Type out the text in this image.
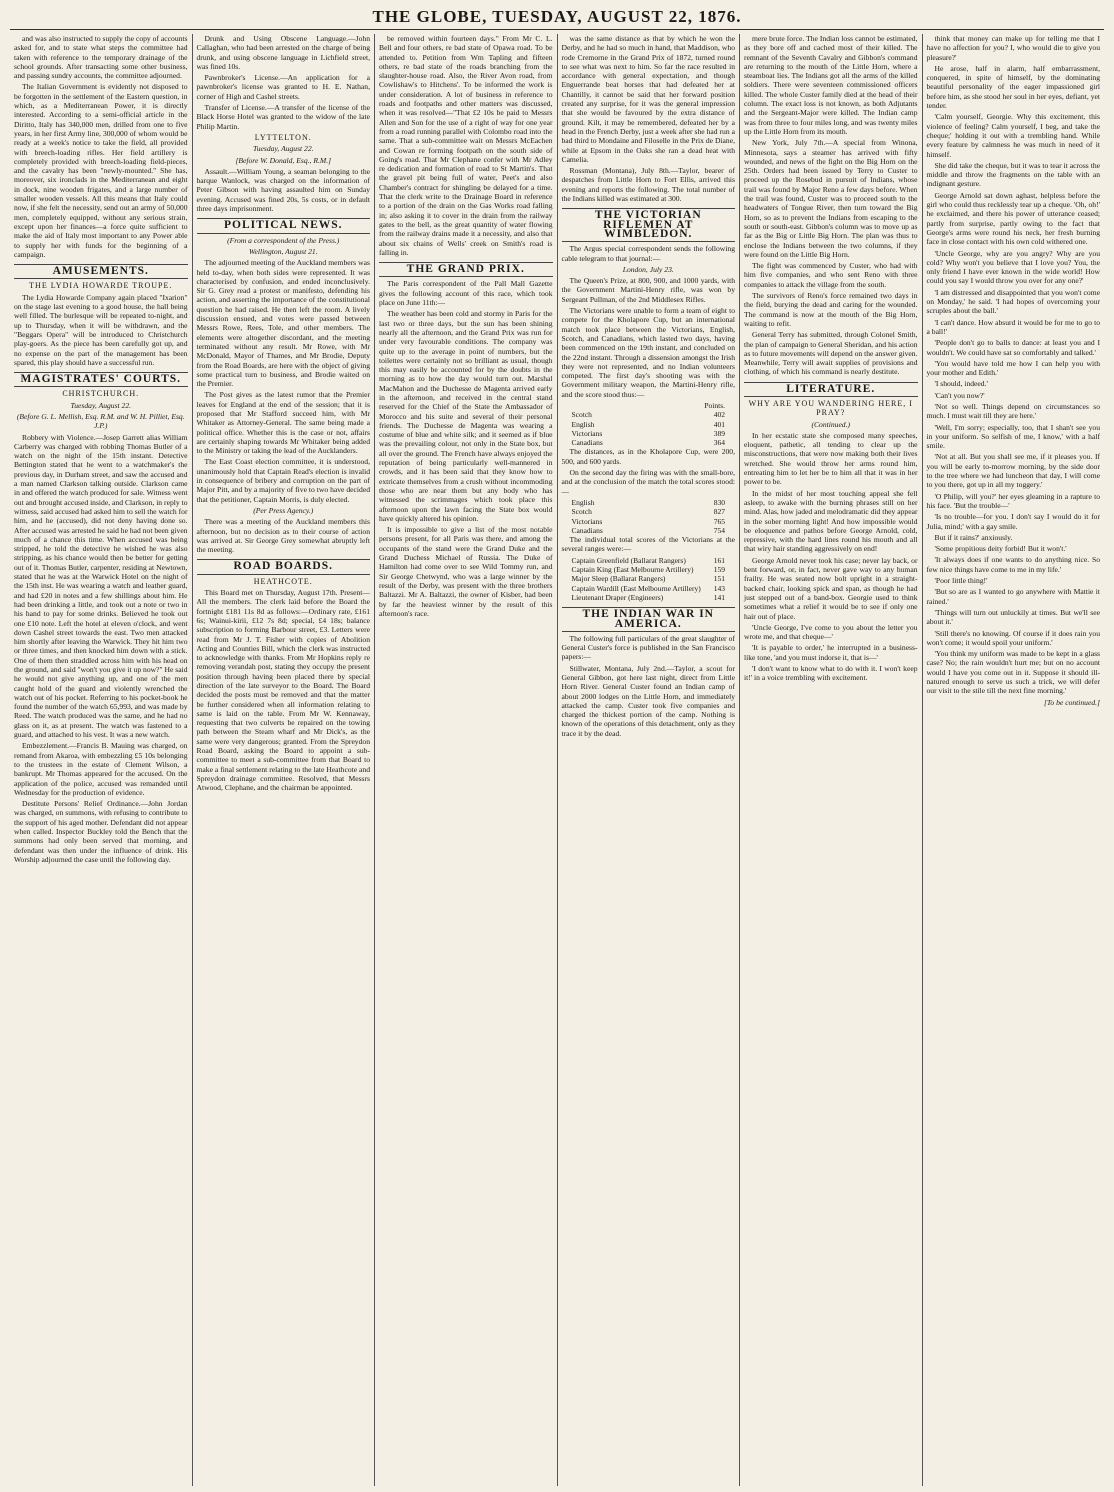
THE GLOBE, TUESDAY, AUGUST 22, 1876.

and was also instructed to supply the copy of accounts asked for, and to state what steps the committee had taken with reference to the temporary drainage of the school grounds. After transacting some other business, and passing sundry accounts, the committee adjourned.

The Italian Government is evidently not disposed to be forgotten in the settlement of the Eastern question, in which, as a Mediterranean Power, it is directly interested. According to a semi-official article in the Diritto, Italy has 340,000 men, drilled from one to five years, in her first Army line, 300,000 of whom would be ready at a week's notice to take the field, all provided with breech-loading rifles. Her field artillery is completely provided with breech-loading field-pieces, and the cavalry has been "newly-mounted." She has, moreover, six ironclads in the Mediterranean and eight in dock, nine wooden frigates, and a large number of smaller wooden vessels. All this means that Italy could now, if she felt the necessity, send out an army of 50,000 men, completely equipped, without any serious strain, except upon her finances—a force quite sufficient to make the aid of Italy most important to any Power able to supply her with funds for the beginning of a campaign.

AMUSEMENTS.
THE LYDIA HOWARDE TROUPE.

The Lydia Howarde Company again placed "Ixarion" on the stage last evening to a good house, the hall being well filled. The burlesque will be repeated to-night, and up to Thursday, when it will be withdrawn, and the "Beggars Opera" will be introduced to Christchurch play-goers. As the piece has been carefully got up, and no expense on the part of the management has been spared, this play should have a successful run.

MAGISTRATES' COURTS.
CHRISTCHURCH.
Tuesday, August 22.
(Before G. L. Mellish, Esq. R.M. and W. H. Pilliet, Esq. J.P.)

Robbery with Violence.—Josep Garrett alias William Carberry was charged with robbing Thomas Butler of a watch on the night of the 15th instant. Detective Bettington stated that he went to a watchmaker's the previous day, in Durham street, and saw the accused and a man named Clarkson talking outside. Clarkson came in and offered the watch produced for sale. Witness went out and brought accused inside, and Clarkson, in reply to witness, said accused had asked him to sell the watch for him, and he (accused), did not deny having done so. After accused was arrested he said he had not been given much of a chance this time. When accused was being stripped, he told the detective he wished he was also stripping, as his chance would then be better for getting out of it. Thomas Butler, carpenter, residing at Newtown, stated that he was at the Warwick Hotel on the night of the 15th inst. He was wearing a watch and leather guard, and had £20 in notes and a few shillings about him. He had been drinking a little, and took out a note or two in his hand to pay for some drinks. Believed he took out one £10 note. Left the hotel at eleven o'clock, and went down Cashel street towards the east. Two men attacked him shortly after leaving the Warwick. They hit him two or three times, and then knocked him down with a stick. One of them then straddled across him with his head on the ground, and said "won't you give it up now?" He said he would not give anything up, and one of the men caught hold of the guard and violently wrenched the watch out of his pocket. Referring to his pocket-book he found the number of the watch 65,993, and was made by Reed. The watch produced was the same, and he had no glass on it, as at present. The watch was fastened to a guard, and attached to his vest. It was a new watch.

Embezzlement.—Francis B. Mauing was charged, on remand from Akaroa, with embezzling £5 10s belonging to the trustees in the estate of Clement Wilson, a bankrupt. Mr Thomas appeared for the accused. On the application of the police, accused was remanded until Wednesday for the production of evidence.

Destitute Persons' Relief Ordinance.—John Jordan was charged, on summons, with refusing to contribute to the support of his aged mother. Defendant did not appear when called. Inspector Buckley told the Bench that the summons had only been served that morning, and defendant was then under the influence of drink. His Worship adjourned the case until the following day.

Drunk and Using Obscene Language.—John Callaghan, who had been arrested on the charge of being drunk, and using obscene language in Lichfield street, was fined 10s.

Pawnbroker's License.—An application for a pawnbroker's license was granted to H. E. Nathan, corner of High and Cashel streets.

Transfer of License.—A transfer of the license of the Black Horse Hotel was granted to the widow of the late Philip Martin.

LYTTELTON.
Tuesday, August 22.
[Before W. Donald, Esq., R.M.]

Assault.—William Young, a seaman belonging to the barque Wanlock, was charged on the information of Peter Gibson with having assaulted him on Sunday evening. Accused was fined 20s, 5s costs, or in default three days imprisonment.

POLITICAL NEWS.
(From a correspondent of the Press.)
Wellington, August 21.

The adjourned meeting of the Auckland members was held to-day, when both sides were represented. It was characterised by confusion, and ended inconclusively. Sir G. Grey read a protest or manifesto, defending his action, and asserting the importance of the constitutional question he had raised. He then left the room. A lively discussion ensued, and votes were passed between Messrs Rowe, Rees, Tole, and other members. The elements were altogether discordant, and the meeting terminated without any result. Mr Rowe, with Mr McDonald, Mayor of Thames, and Mr Brodie, Deputy from the Road Boards, are here with the object of giving some practical turn to business, and Brodie waited on the Premier.

The Post gives as the latest rumor that the Premier leaves for England at the end of the session; that it is proposed that Mr Stafford succeed him, with Mr Whitaker as Attorney-General. The same being made a political office. Whether this is the case or not, affairs are certainly shaping towards Mr Whitaker being added to the Ministry or taking the lead of the Aucklanders.

The East Coast election committee, it is understood, unanimously hold that Captain Read's election is invalid in consequence of bribery and corruption on the part of Major Pitt, and by a majority of five to two have decided that the petitioner, Captain Morris, is duly elected.

(Per Press Agency.)

There was a meeting of the Auckland members this afternoon, but no decision as to their course of action was arrived at. Sir George Grey somewhat abruptly left the meeting.

ROAD BOARDS.
HEATHCOTE.

This Board met on Thursday, August 17th. Present—All the members. The clerk laid before the Board the fortnight £181 11s 8d as follows:—Ordinary rate, £161 6s; Wainui-kirii, £12 7s 8d; special, £4 18s; balance subscription to forming Barbour street, £3. Letters were read from Mr J. T. Fisher with copies of Abolition Acting and Counties Bill, which the clerk was instructed to acknowledge with thanks. From Mr Hopkins reply re removing verandah post, stating they occupy the present position through having been placed there by special direction of the late surveyor to the Board. The Board decided the posts must be removed and that the matter be further considered when all information relating to same is laid on the table. From Mr W. Kennaway, requesting that two culverts be repaired on the towing path between the Steam wharf and Mr Dick's, as the same were very dangerous; granted. From the Spreydon Road Board, asking the Board to appoint a sub-committee to meet a sub-committee from that Board to make a final settlement relating to the late Heathcote and Spreydon drainage committee. Resolved, that Messrs Atwood, Clephane, and the chairman be appointed.

be removed within fourteen days." From Mr C. L. Bell and four others, re bad state of Opawa road. To be attended to. Petition from Wm Tapling and fifteen others, re bad state of the roads branching from the slaughter-house road. Also, the River Avon road, from Cowlishaw's to Hitchens'. To be informed the work is under consideration. A lot of business in reference to roads and footpaths and other matters was discussed, when it was resolved—"That £2 10s be paid to Messrs Allen and Son for the use of a right of way for one year from a road running parallel with Colombo road into the same. That a sub-committee wait on Messrs McEachen and Cowan re forming footpath on the south side of Going's road. That Mr Clephane confer with Mr Adley re dedication and formation of road to St Martin's. That the gravel pit being full of water, Peet's and also Chamber's contract for shingling be delayed for a time. That the clerk write to the Drainage Board in reference to a portion of the drain on the Gas Works road falling in; also asking it to cover in the drain from the railway gates to the bell, as the great quantity of water flowing from the railway drains made it a necessity, and also that about six chains of Wells' creek on Smith's road is falling in.

THE GRAND PRIX.

The Paris correspondent of the Pall Mall Gazette gives the following account of this race, which took place on June 11th:—

The weather has been cold and stormy in Paris for the last two or three days, but the sun has been shining nearly all the afternoon, and the Grand Prix was run for under very favourable conditions. The company was quite up to the average in point of numbers, but the toilettes were certainly not so brilliant as usual, though this may easily be accounted for by the doubts in the morning as to how the day would turn out. Marshal MacMahon and the Duchesse de Magenta arrived early in the afternoon, and received in the central stand reserved for the Chief of the State the Ambassador of Morocco and his suite and several of their personal friends. The Duchesse de Magenta was wearing a costume of blue and white silk; and it seemed as if blue was the prevailing colour, not only in the State box, but all over the ground. The French have always enjoyed the reputation of being particularly well-mannered in crowds, and it has been said that they know how to extricate themselves from a crush without incommoding those who are near them but any body who has witnessed the scrimmages which took place this afternoon upon the lawn facing the State box would have quickly altered his opinion.

It is impossible to give a list of the most notable persons present, for all Paris was there, and among the occupants of the stand were the Grand Duke and the Grand Duchess Michael of Russia. The Duke of Hamilton had come over to see Wild Tommy run, and Sir George Chetwynd, who was a large winner by the result of the Derby, was present with the three brothers Baltazzi. Mr A. Baltazzi, the owner of Kisber, had been by far the heaviest winner by the result of this afternoon's race.

was the same distance as that by which he won the Derby, and he had so much in hand, that Maddison, who rode Cremorne in the Grand Prix of 1872, turned round to see what was next to him. So far the race resulted in accordance with general expectation, and though Enguerrande beat horses that had defeated her at Chantilly, it cannot be said that her forward position created any surprise, for it was the general impression that she would be favoured by the extra distance of ground. Kilt, it may be remembered, defeated her by a head in the French Derby, just a week after she had run a bad third to Mondaine and Filoselle in the Prix de Diane, while at Epsom in the Oaks she ran a dead heat with Camelia.

Rossman (Montana), July 8th.—Taylor, bearer of despatches from Little Horn to Fort Ellis, arrived this evening and reports the following. The total number of the Indians killed was estimated at 300.

THE VICTORIAN RIFLEMEN AT WIMBLEDON.

The Argus special correspondent sends the following cable telegram to that journal:—

London, July 23.

The Queen's Prize, at 800, 900, and 1000 yards, with the Government Martini-Henry rifle, was won by Sergeant Pullman, of the 2nd Middlesex Rifles.

The Victorians were unable to form a team of eight to compete for the Kholapore Cup, but an international match took place between the Victorians, English, Scotch, and Canadians, which lasted two days, having been commenced on the 19th instant, and concluded on the 22nd instant. Through a dissension amongst the Irish they were not represented, and no Indian volunteers competed. The first day's shooting was with the Government military weapon, the Martini-Henry rifle, and the score stood thus:—

Points.
Scotch	402
English	401
Victorians	389
Canadians	364

The distances, as in the Kholapore Cup, were 200, 500, and 600 yards.

On the second day the firing was with the small-bore, and at the conclusion of the match the total scores stood:—

English	830
Scotch	827
Victorians	765
Canadians	754

The individual total scores of the Victorians at the several ranges were:—

Captain Greenfield (Ballarat Rangers)	161
Captain King (East Melbourne Artillery)	159
Major Sleep (Ballarat Rangers)	151
Captain Wardill (East Melbourne Artillery) 143
Lieutenant Draper (Engineers)	141
THE INDIAN WAR IN AMERICA.

The following full particulars of the great slaughter of General Custer's force is published in the San Francisco papers:—

Stillwater, Montana, July 2nd.—Taylor, a scout for General Gibbon, got here last night, direct from Little Horn River. General Custer found an Indian camp of about 2000 lodges on the Little Horn, and immediately attacked the camp. Custer took five companies and charged the thickest portion of the camp. Nothing is known of the operations of this detachment, only as they trace it by the dead.

mere brute force. The Indian loss cannot be estimated, as they bore off and cached most of their killed. The remnant of the Seventh Cavalry and Gibbon's command are returning to the mouth of the Little Horn, where a steamboat lies. The Indians got all the arms of the killed soldiers. There were seventeen commissioned officers killed. The whole Custer family died at the head of their column. The exact loss is not known, as both Adjutants and the Sergeant-Major were killed. The Indian camp was from three to four miles long, and was twenty miles up the Little Horn from its mouth.

New York, July 7th.—A special from Winona, Minnesota, says a steamer has arrived with fifty wounded, and news of the fight on the Big Horn on the 25th. Orders had been issued by Terry to Custer to proceed up the Rosebud in pursuit of Indians, whose trail was found by Major Reno a few days before. When the trail was found, Custer was to proceed south to the headwaters of Tongue River, then turn toward the Big Horn, so as to prevent the Indians from escaping to the south or south-east. Gibbon's column was to move up as far as the Big or Little Big Horn. The plan was thus to enclose the Indians between the two columns, if they were found on the Little Big Horn.

The fight was commenced by Custer, who had with him five companies, and who sent Reno with three companies to attack the village from the south.

The survivors of Reno's force remained two days in the field, burying the dead and caring for the wounded. The command is now at the mouth of the Big Horn, waiting to refit.

General Terry has submitted, through Colonel Smith, the plan of campaign to General Sheridan, and his action as to future movements will depend on the answer given. Meanwhile, Terry will await supplies of provisions and clothing, of which his command is nearly destitute.

LITERATURE.
WHY ARE YOU WANDERING HERE, I PRAY?
(Continued.)

In her ecstatic state she composed many speeches, eloquent, pathetic, all tending to clear up the misconstructions, that were now making both their lives wretched. She would throw her arms round him, entreating him to let her be to him all that it was in her power to be.

In the midst of her most touching appeal she fell asleep, to awake with the burning phrases still on her mind. Alas, how jaded and melodramatic did they appear in the sober morning light! And how impossible would be eloquence and pathos before George Arnold, cold, repressive, with the hard lines round his mouth and all that wiry hair standing aggressively on end!

George Arnold never took his case; never lay back, or bent forward, or, in fact, never gave way to any human frailty. He was seated now bolt upright in a straight-backed chair, looking spick and span, as though he had just stepped out of a band-box. Georgie used to think sometimes what a relief it would be to see if only one hair out of place.

'Uncle George, I've come to you about the letter you wrote me, and that cheque—'

'It is payable to order,' he interrupted in a business-like tone, 'and you must indorse it, that is—'

'I don't want to know what to do with it. I won't keep it!' in a voice trembling with excitement.

think that money can make up for telling me that I have no affection for you? I, who would die to give you pleasure?'

He arose, half in alarm, half embarrassment, conquered, in spite of himself, by the dominating beautiful personality of the eager impassioned girl before him, as she stood her soul in her eyes, defiant, yet tender.

'Calm yourself, Georgie. Why this excitement, this violence of feeling? Calm yourself, I beg, and take the cheque;' holding it out with a trembling hand. While every feature by calmness he was much in need of it himself.

She did take the cheque, but it was to tear it across the middle and throw the fragments on the table with an indignant gesture.

George Arnold sat down aghast, helpless before the girl who could thus recklessly tear up a cheque. 'Oh, oh!' he exclaimed, and there his power of utterance ceased; partly from surprise, partly owing to the fact that George's arms were round his neck, her fresh burning face in close contact with his own cold withered one.

'Uncle George, why are you angry? Why are you cold? Why won't you believe that I love you? You, the only friend I have ever known in the wide world! How could you say I would throw you over for any one?'

'I am distressed and disappointed that you won't come on Monday,' he said. 'I had hopes of overcoming your scruples about the ball.'

'I can't dance. How absurd it would be for me to go to a ball!'

'People don't go to balls to dance: at least you and I wouldn't. We could have sat so comfortably and talked.'

'You would have told me how I can help you with your mother and Edith.'

'I should, indeed.'

'Can't you now?'

'Not so well. Things depend on circumstances so much. I must wait till they are here.'

'Well, I'm sorry; especially, too, that I shan't see you in your uniform. So selfish of me, I know,' with a half smile.

'Not at all. But you shall see me, if it pleases you. If you will be early to-morrow morning, by the side door to the tree where we had luncheon that day, I will come to you there, got up in all my toggery.'

'O Philip, will you?' her eyes gleaming in a rapture to his face. 'But the trouble—'

'Is no trouble—for you. I don't say I would do it for Julia, mind;' with a gay smile.

But if it rains?' anxiously.

'Some propitious deity forbid! But it won't.'

'It always does if one wants to do anything nice. So few nice things have come to me in my life.'

'Poor little thing!'

'But so are as I wanted to go anywhere with Mattie it rained.'

'Things will turn out unluckily at times. But we'll see about it.'

'Still there's no knowing. Of course if it does rain you won't come; it would spoil your uniform.'

'You think my uniform was made to be kept in a glass case? No; the rain wouldn't hurt me; but on no account would I have you come out in it. Suppose it should ill-natured enough to serve us such a trick, we will defer our visit to the stile till the next fine morning.'

[To be continued.]
